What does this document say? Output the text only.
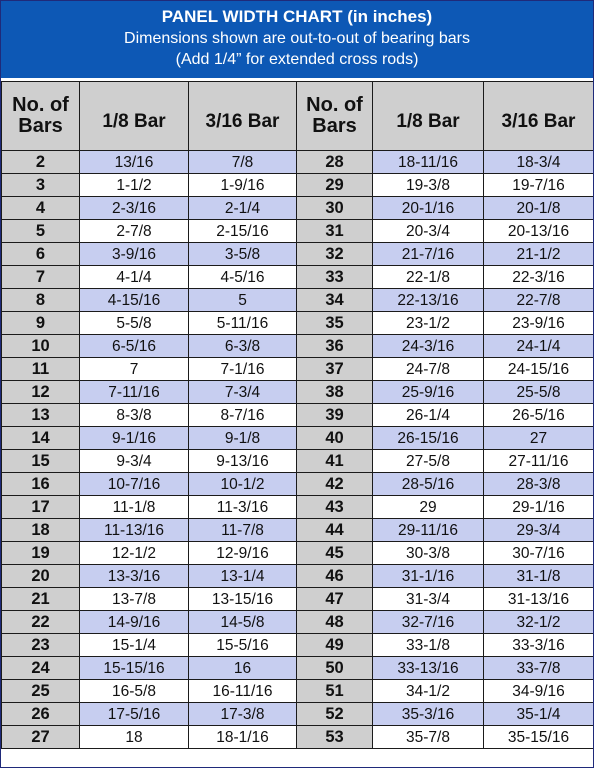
PANEL WIDTH CHART (in inches)
Dimensions shown are out-to-out of bearing bars
(Add 1/4” for extended cross rods)
No. of
Bars	1/8 Bar	3/16 Bar	No. of
Bars	1/8 Bar	3/16 Bar
2	13/16	7/8	28	18-11/16	18-3/4
3	1-1/2	1-9/16	29	19-3/8	19-7/16
4	2-3/16	2-1/4	30	20-1/16	20-1/8
5	2-7/8	2-15/16	31	20-3/4	20-13/16
6	3-9/16	3-5/8	32	21-7/16	21-1/2
7	4-1/4	4-5/16	33	22-1/8	22-3/16
8	4-15/16	5	34	22-13/16	22-7/8
9	5-5/8	5-11/16	35	23-1/2	23-9/16
10	6-5/16	6-3/8	36	24-3/16	24-1/4
11	7	7-1/16	37	24-7/8	24-15/16
12	7-11/16	7-3/4	38	25-9/16	25-5/8
13	8-3/8	8-7/16	39	26-1/4	26-5/16
14	9-1/16	9-1/8	40	26-15/16	27
15	9-3/4	9-13/16	41	27-5/8	27-11/16
16	10-7/16	10-1/2	42	28-5/16	28-3/8
17	11-1/8	11-3/16	43	29	29-1/16
18	11-13/16	11-7/8	44	29-11/16	29-3/4
19	12-1/2	12-9/16	45	30-3/8	30-7/16
20	13-3/16	13-1/4	46	31-1/16	31-1/8
21	13-7/8	13-15/16	47	31-3/4	31-13/16
22	14-9/16	14-5/8	48	32-7/16	32-1/2
23	15-1/4	15-5/16	49	33-1/8	33-3/16
24	15-15/16	16	50	33-13/16	33-7/8
25	16-5/8	16-11/16	51	34-1/2	34-9/16
26	17-5/16	17-3/8	52	35-3/16	35-1/4
27	18	18-1/16	53	35-7/8	35-15/16
